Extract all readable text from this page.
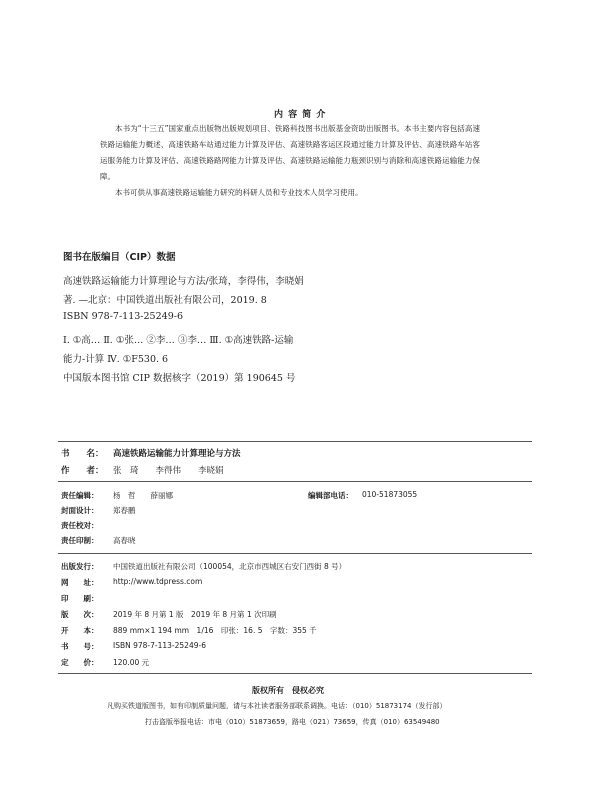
内 容 简 介
本书为“十三五”国家重点出版物出版规划项目、铁路科技图书出版基金资助出版图书。本书主要内容包括高速铁路运输能力概述、高速铁路车站通过能力计算及评估、高速铁路客运区段通过能力计算及评估、高速铁路车站客运服务能力计算及评估、高速铁路路网能力计算及评估、高速铁路运输能力瓶颈识别与消除和高速铁路运输能力保障。
本书可供从事高速铁路运输能力研究的科研人员和专业技术人员学习使用。
图书在版编目（CIP）数据
高速铁路运输能力计算理论与方法/张琦，李得伟，李晓娟
著. —北京：中国铁道出版社有限公司，2019. 8
ISBN 978-7-113-25249-6
Ⅰ. ①高… Ⅱ. ①张… ②李… ③李… Ⅲ. ①高速铁路-运输
能力-计算 Ⅳ. ①F530. 6
中国版本图书馆 CIP 数据核字（2019）第 190645 号
书　　名： 高速铁路运输能力计算理论与方法
作　　者： 张　琦　　李得伟　　李晓娟
责任编辑： 杨　哲　　薛丽娜	编辑部电话： 010-51873055
封面设计： 郑春鹏
责任校对：
责任印制： 高春晓
出版发行： 中国铁道出版社有限公司（100054，北京市西城区右安门西街 8 号）
网　　址： http://www.tdpress.com
印　　刷：
版　　次： 2019 年 8 月第 1 版　2019 年 8 月第 1 次印刷
开　　本： 889 mm×1 194 mm　1/16　印张：16. 5　字数：355 千
书　　号： ISBN 978-7-113-25249-6
定　　价： 120.00 元
版权所有　侵权必究
凡购买铁道版图书，如有印制质量问题，请与本社读者服务部联系调换。电话：（010）51873174（发行部）
打击盗版举报电话：市电（010）51873659，路电（021）73659，传真（010）63549480
